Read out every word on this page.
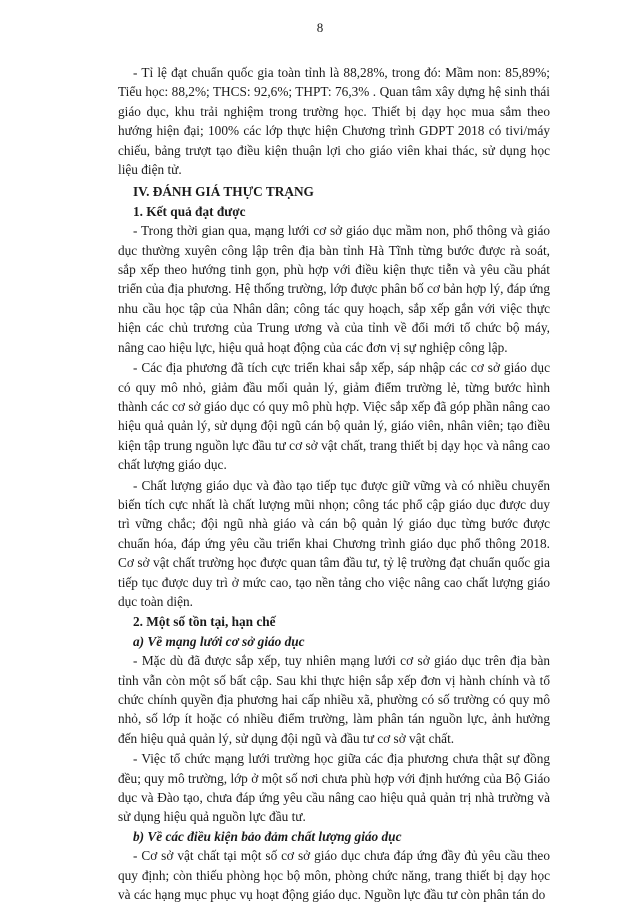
8

- Tỉ lệ đạt chuẩn quốc gia toàn tỉnh là 88,28%, trong đó: Mầm non: 85,89%; Tiểu học: 88,2%; THCS: 92,6%; THPT: 76,3% . Quan tâm xây dựng hệ sinh thái giáo dục, khu trải nghiệm trong trường học. Thiết bị dạy học mua sắm theo hướng hiện đại; 100% các lớp thực hiện Chương trình GDPT 2018 có tivi/máy chiếu, bảng trượt tạo điều kiện thuận lợi cho giáo viên khai thác, sử dụng học liệu điện tử.

IV. ĐÁNH GIÁ THỰC TRẠNG

1. Kết quả đạt được

- Trong thời gian qua, mạng lưới cơ sở giáo dục mầm non, phổ thông và giáo dục thường xuyên công lập trên địa bàn tỉnh Hà Tĩnh từng bước được rà soát, sắp xếp theo hướng tinh gọn, phù hợp với điều kiện thực tiễn và yêu cầu phát triển của địa phương. Hệ thống trường, lớp được phân bố cơ bản hợp lý, đáp ứng nhu cầu học tập của Nhân dân; công tác quy hoạch, sắp xếp gắn với việc thực hiện các chủ trương của Trung ương và của tỉnh về đổi mới tổ chức bộ máy, nâng cao hiệu lực, hiệu quả hoạt động của các đơn vị sự nghiệp công lập.

- Các địa phương đã tích cực triển khai sắp xếp, sáp nhập các cơ sở giáo dục có quy mô nhỏ, giảm đầu mối quản lý, giảm điểm trường lẻ, từng bước hình thành các cơ sở giáo dục có quy mô phù hợp. Việc sắp xếp đã góp phần nâng cao hiệu quả quản lý, sử dụng đội ngũ cán bộ quản lý, giáo viên, nhân viên; tạo điều kiện tập trung nguồn lực đầu tư cơ sở vật chất, trang thiết bị dạy học và nâng cao chất lượng giáo dục.

- Chất lượng giáo dục và đào tạo tiếp tục được giữ vững và có nhiều chuyển biến tích cực nhất là chất lượng mũi nhọn; công tác phổ cập giáo dục được duy trì vững chắc; đội ngũ nhà giáo và cán bộ quản lý giáo dục từng bước được chuẩn hóa, đáp ứng yêu cầu triển khai Chương trình giáo dục phổ thông 2018. Cơ sở vật chất trường học được quan tâm đầu tư, tỷ lệ trường đạt chuẩn quốc gia tiếp tục được duy trì ở mức cao, tạo nền tảng cho việc nâng cao chất lượng giáo dục toàn diện.

2. Một số tồn tại, hạn chế

a) Về mạng lưới cơ sở giáo dục

- Mặc dù đã được sắp xếp, tuy nhiên mạng lưới cơ sở giáo dục trên địa bàn tỉnh vẫn còn một số bất cập. Sau khi thực hiện sắp xếp đơn vị hành chính và tổ chức chính quyền địa phương hai cấp nhiều xã, phường có số trường có quy mô nhỏ, số lớp ít hoặc có nhiều điểm trường, làm phân tán nguồn lực, ảnh hưởng đến hiệu quả quản lý, sử dụng đội ngũ và đầu tư cơ sở vật chất.

- Việc tổ chức mạng lưới trường học giữa các địa phương chưa thật sự đồng đều; quy mô trường, lớp ở một số nơi chưa phù hợp với định hướng của Bộ Giáo dục và Đào tạo, chưa đáp ứng yêu cầu nâng cao hiệu quả quản trị nhà trường và sử dụng hiệu quả nguồn lực đầu tư.

b) Về các điều kiện bảo đảm chất lượng giáo dục

- Cơ sở vật chất tại một số cơ sở giáo dục chưa đáp ứng đầy đủ yêu cầu theo quy định; còn thiếu phòng học bộ môn, phòng chức năng, trang thiết bị dạy học và các hạng mục phục vụ hoạt động giáo dục. Nguồn lực đầu tư còn phân tán do
